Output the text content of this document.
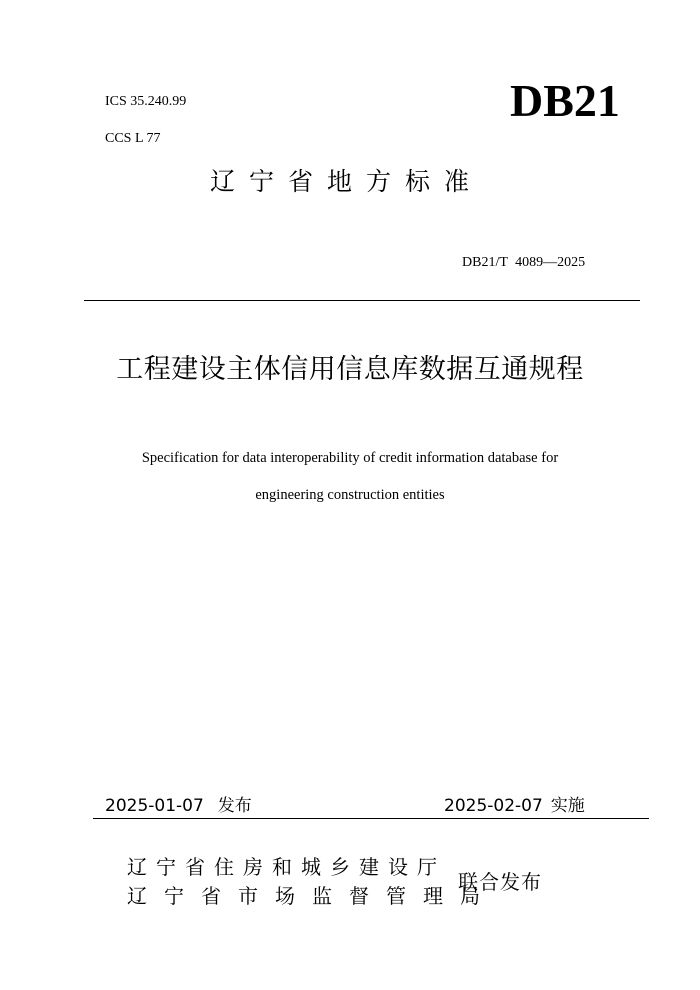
ICS 35.240.99
CCS L 77
DB21
辽宁省地方标准
DB21/T 4089—2025
工程建设主体信用信息库数据互通规程
Specification for data interoperability of credit information database for
engineering construction entities
2025-01-07 发布	2025-02-07 实施
辽宁省住房和城乡建设厅
辽宁省市场监督管理局
联合发布
